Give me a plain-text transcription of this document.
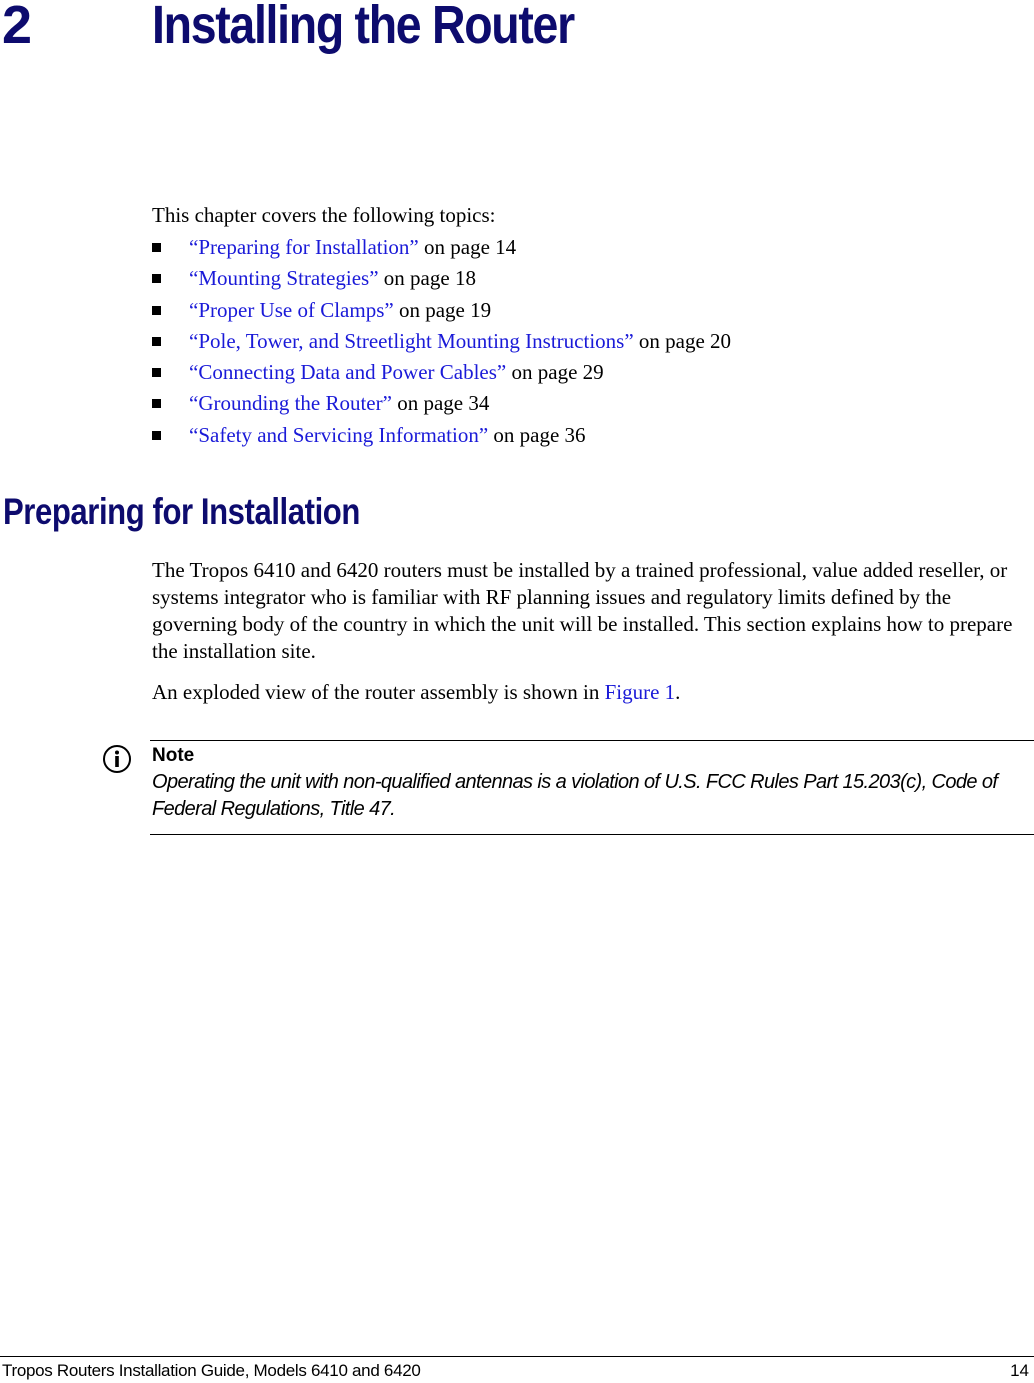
2 Installing the Router
This chapter covers the following topics:
“Preparing for Installation” on page 14
“Mounting Strategies” on page 18
“Proper Use of Clamps” on page 19
“Pole, Tower, and Streetlight Mounting Instructions” on page 20
“Connecting Data and Power Cables” on page 29
“Grounding the Router” on page 34
“Safety and Servicing Information” on page 36
Preparing for Installation

The Tropos 6410 and 6420 routers must be installed by a trained professional, value added reseller, or systems integrator who is familiar with RF planning issues and regulatory limits defined by the governing body of the country in which the unit will be installed. This section explains how to prepare the installation site.

An exploded view of the router assembly is shown in Figure 1.

Note

Operating the unit with non-qualified antennas is a violation of U.S. FCC Rules Part 15.203(c), Code of Federal Regulations, Title 47.

Tropos Routers Installation Guide, Models 6410 and 6420	14
